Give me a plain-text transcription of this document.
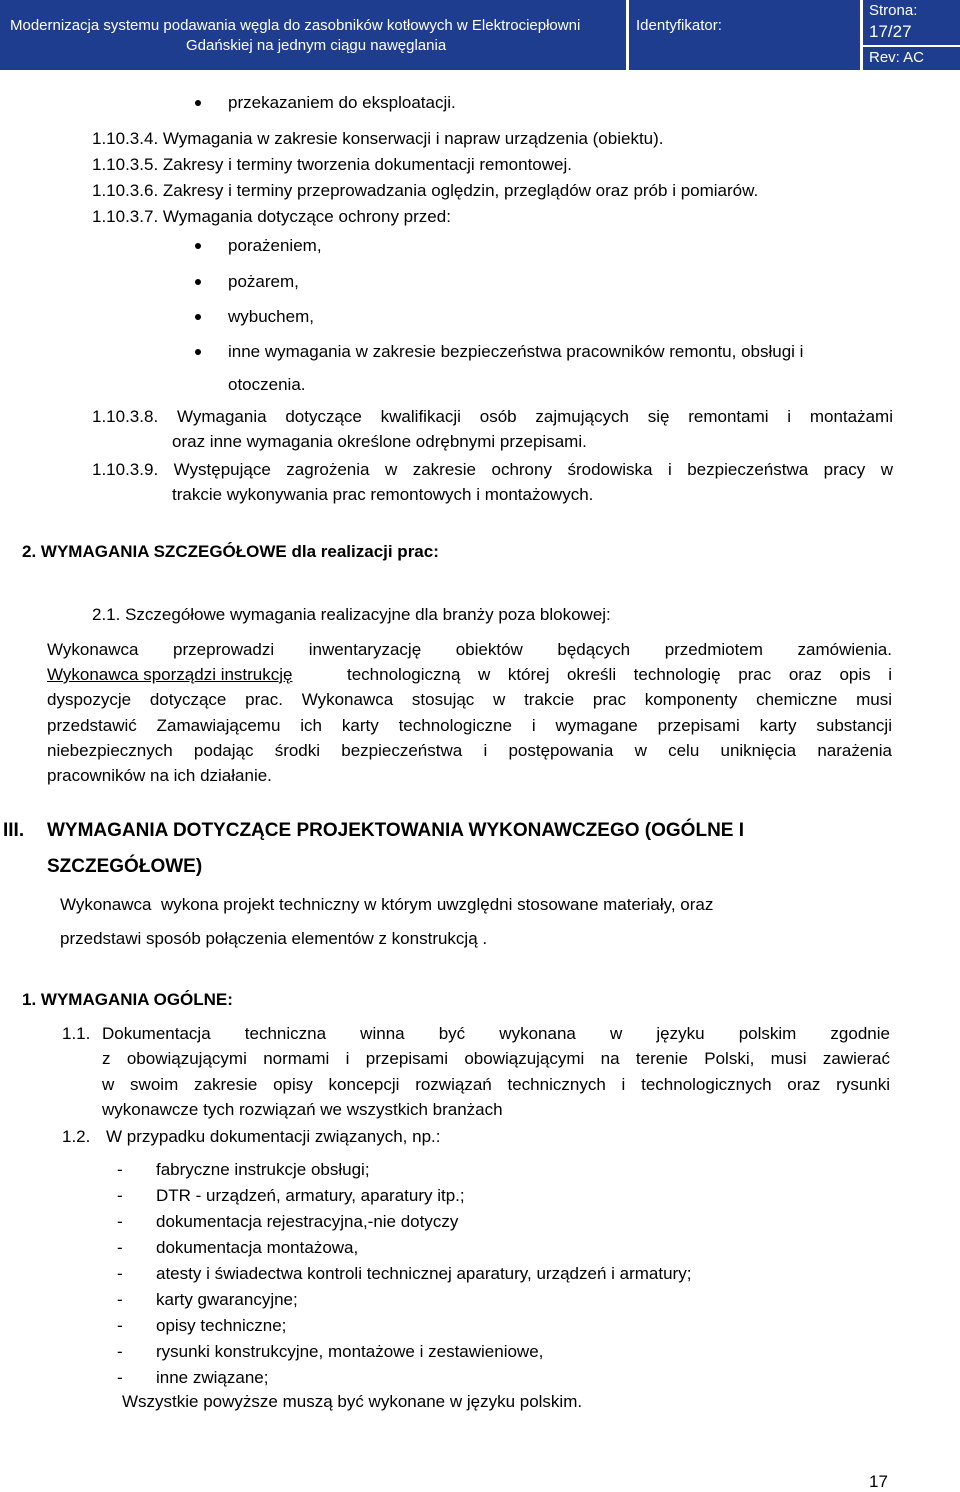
Modernizacja systemu podawania węgla do zasobników kotłowych w Elektrociepłowni
Gdańskiej na jednym ciągu nawęglania
Identyfikator:
Strona:
17/27
Rev: AC
przekazaniem do eksploatacji.
1.10.3.4. Wymagania w zakresie konserwacji i napraw urządzenia (obiektu).
1.10.3.5. Zakresy i terminy tworzenia dokumentacji remontowej.
1.10.3.6. Zakresy i terminy przeprowadzania oględzin, przeglądów oraz prób i pomiarów.
1.10.3.7. Wymagania dotyczące ochrony przed:
porażeniem,
pożarem,
wybuchem,
inne wymagania w zakresie bezpieczeństwa pracowników remontu, obsługi i
otoczenia.
1.10.3.8. Wymagania dotyczące kwalifikacji osób zajmujących się remontami i montażami
oraz inne wymagania określone odrębnymi przepisami.
1.10.3.9. Występujące zagrożenia w zakresie ochrony środowiska i bezpieczeństwa pracy w
trakcie wykonywania prac remontowych i montażowych.
2. WYMAGANIA SZCZEGÓŁOWE dla realizacji prac:
2.1. Szczegółowe wymagania realizacyjne dla branży poza blokowej:
Wykonawca przeprowadzi inwentaryzację obiektów będących przedmiotem zamówienia.
Wykonawca sporządzi instrukcję	technologiczną w której określi technologię prac oraz opis i
dyspozycje dotyczące prac. Wykonawca stosując w trakcie prac komponenty chemiczne musi
przedstawić Zamawiającemu ich karty technologiczne i wymagane przepisami karty substancji
niebezpiecznych podając środki bezpieczeństwa i postępowania w celu uniknięcia narażenia
pracowników na ich działanie.
III. WYMAGANIA DOTYCZĄCE PROJEKTOWANIA WYKONAWCZEGO (OGÓLNE I
SZCZEGÓŁOWE)
Wykonawca  wykona projekt techniczny w którym uwzględni stosowane materiały, oraz
przedstawi sposób połączenia elementów z konstrukcją .
1. WYMAGANIA OGÓLNE:
1.1. Dokumentacja techniczna winna być wykonana w języku polskim zgodnie
z obowiązującymi normami i przepisami obowiązującymi na terenie Polski, musi zawierać
w swoim zakresie opisy koncepcji rozwiązań technicznych i technologicznych oraz rysunki
wykonawcze tych rozwiązań we wszystkich branżach
1.2. W przypadku dokumentacji związanych, np.:
- fabryczne instrukcje obsługi;
- DTR - urządzeń, armatury, aparatury itp.;
- dokumentacja rejestracyjna,-nie dotyczy
- dokumentacja montażowa,
- atesty i świadectwa kontroli technicznej aparatury, urządzeń i armatury;
- karty gwarancyjne;
- opisy techniczne;
- rysunki konstrukcyjne, montażowe i zestawieniowe,
- inne związane;
Wszystkie powyższe muszą być wykonane w języku polskim.
17
